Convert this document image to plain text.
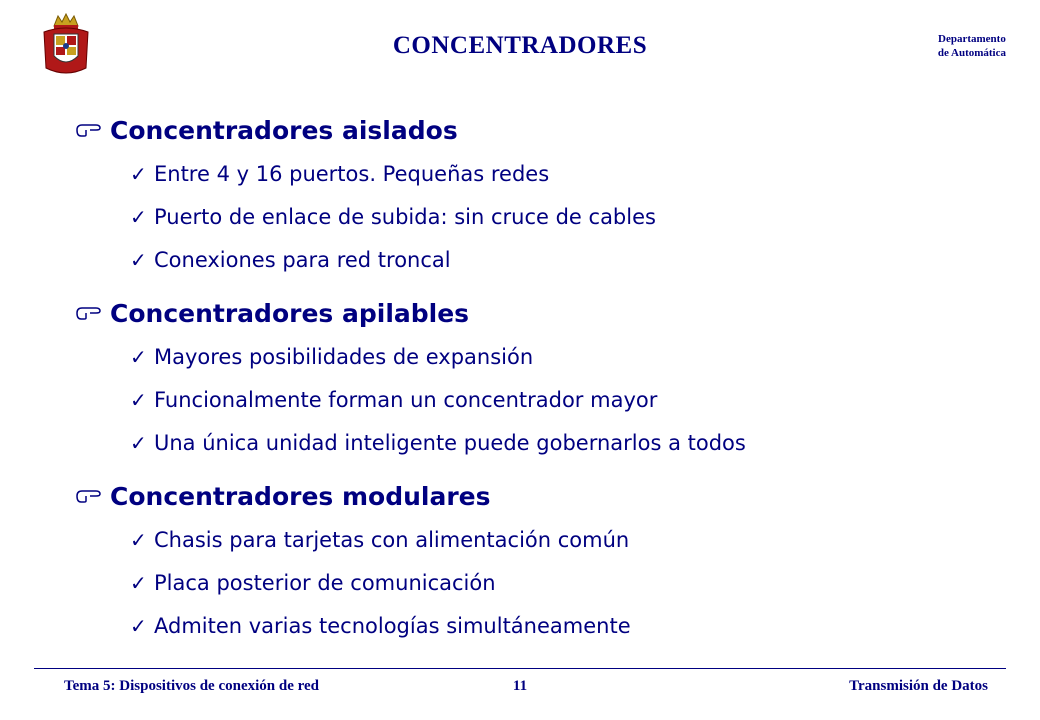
CONCENTRADORES	Departamento
de Automática
Concentradores aislados
✓ Entre 4 y 16 puertos. Pequeñas redes
✓ Puerto de enlace de subida: sin cruce de cables
✓ Conexiones para red troncal
Concentradores apilables
✓ Mayores posibilidades de expansión
✓ Funcionalmente forman un concentrador mayor
✓ Una única unidad inteligente puede gobernarlos a todos
Concentradores modulares
✓ Chasis para tarjetas con alimentación común
✓ Placa posterior de comunicación
✓ Admiten varias tecnologías simultáneamente
Tema 5: Dispositivos de conexión de red	11	Transmisión de Datos
